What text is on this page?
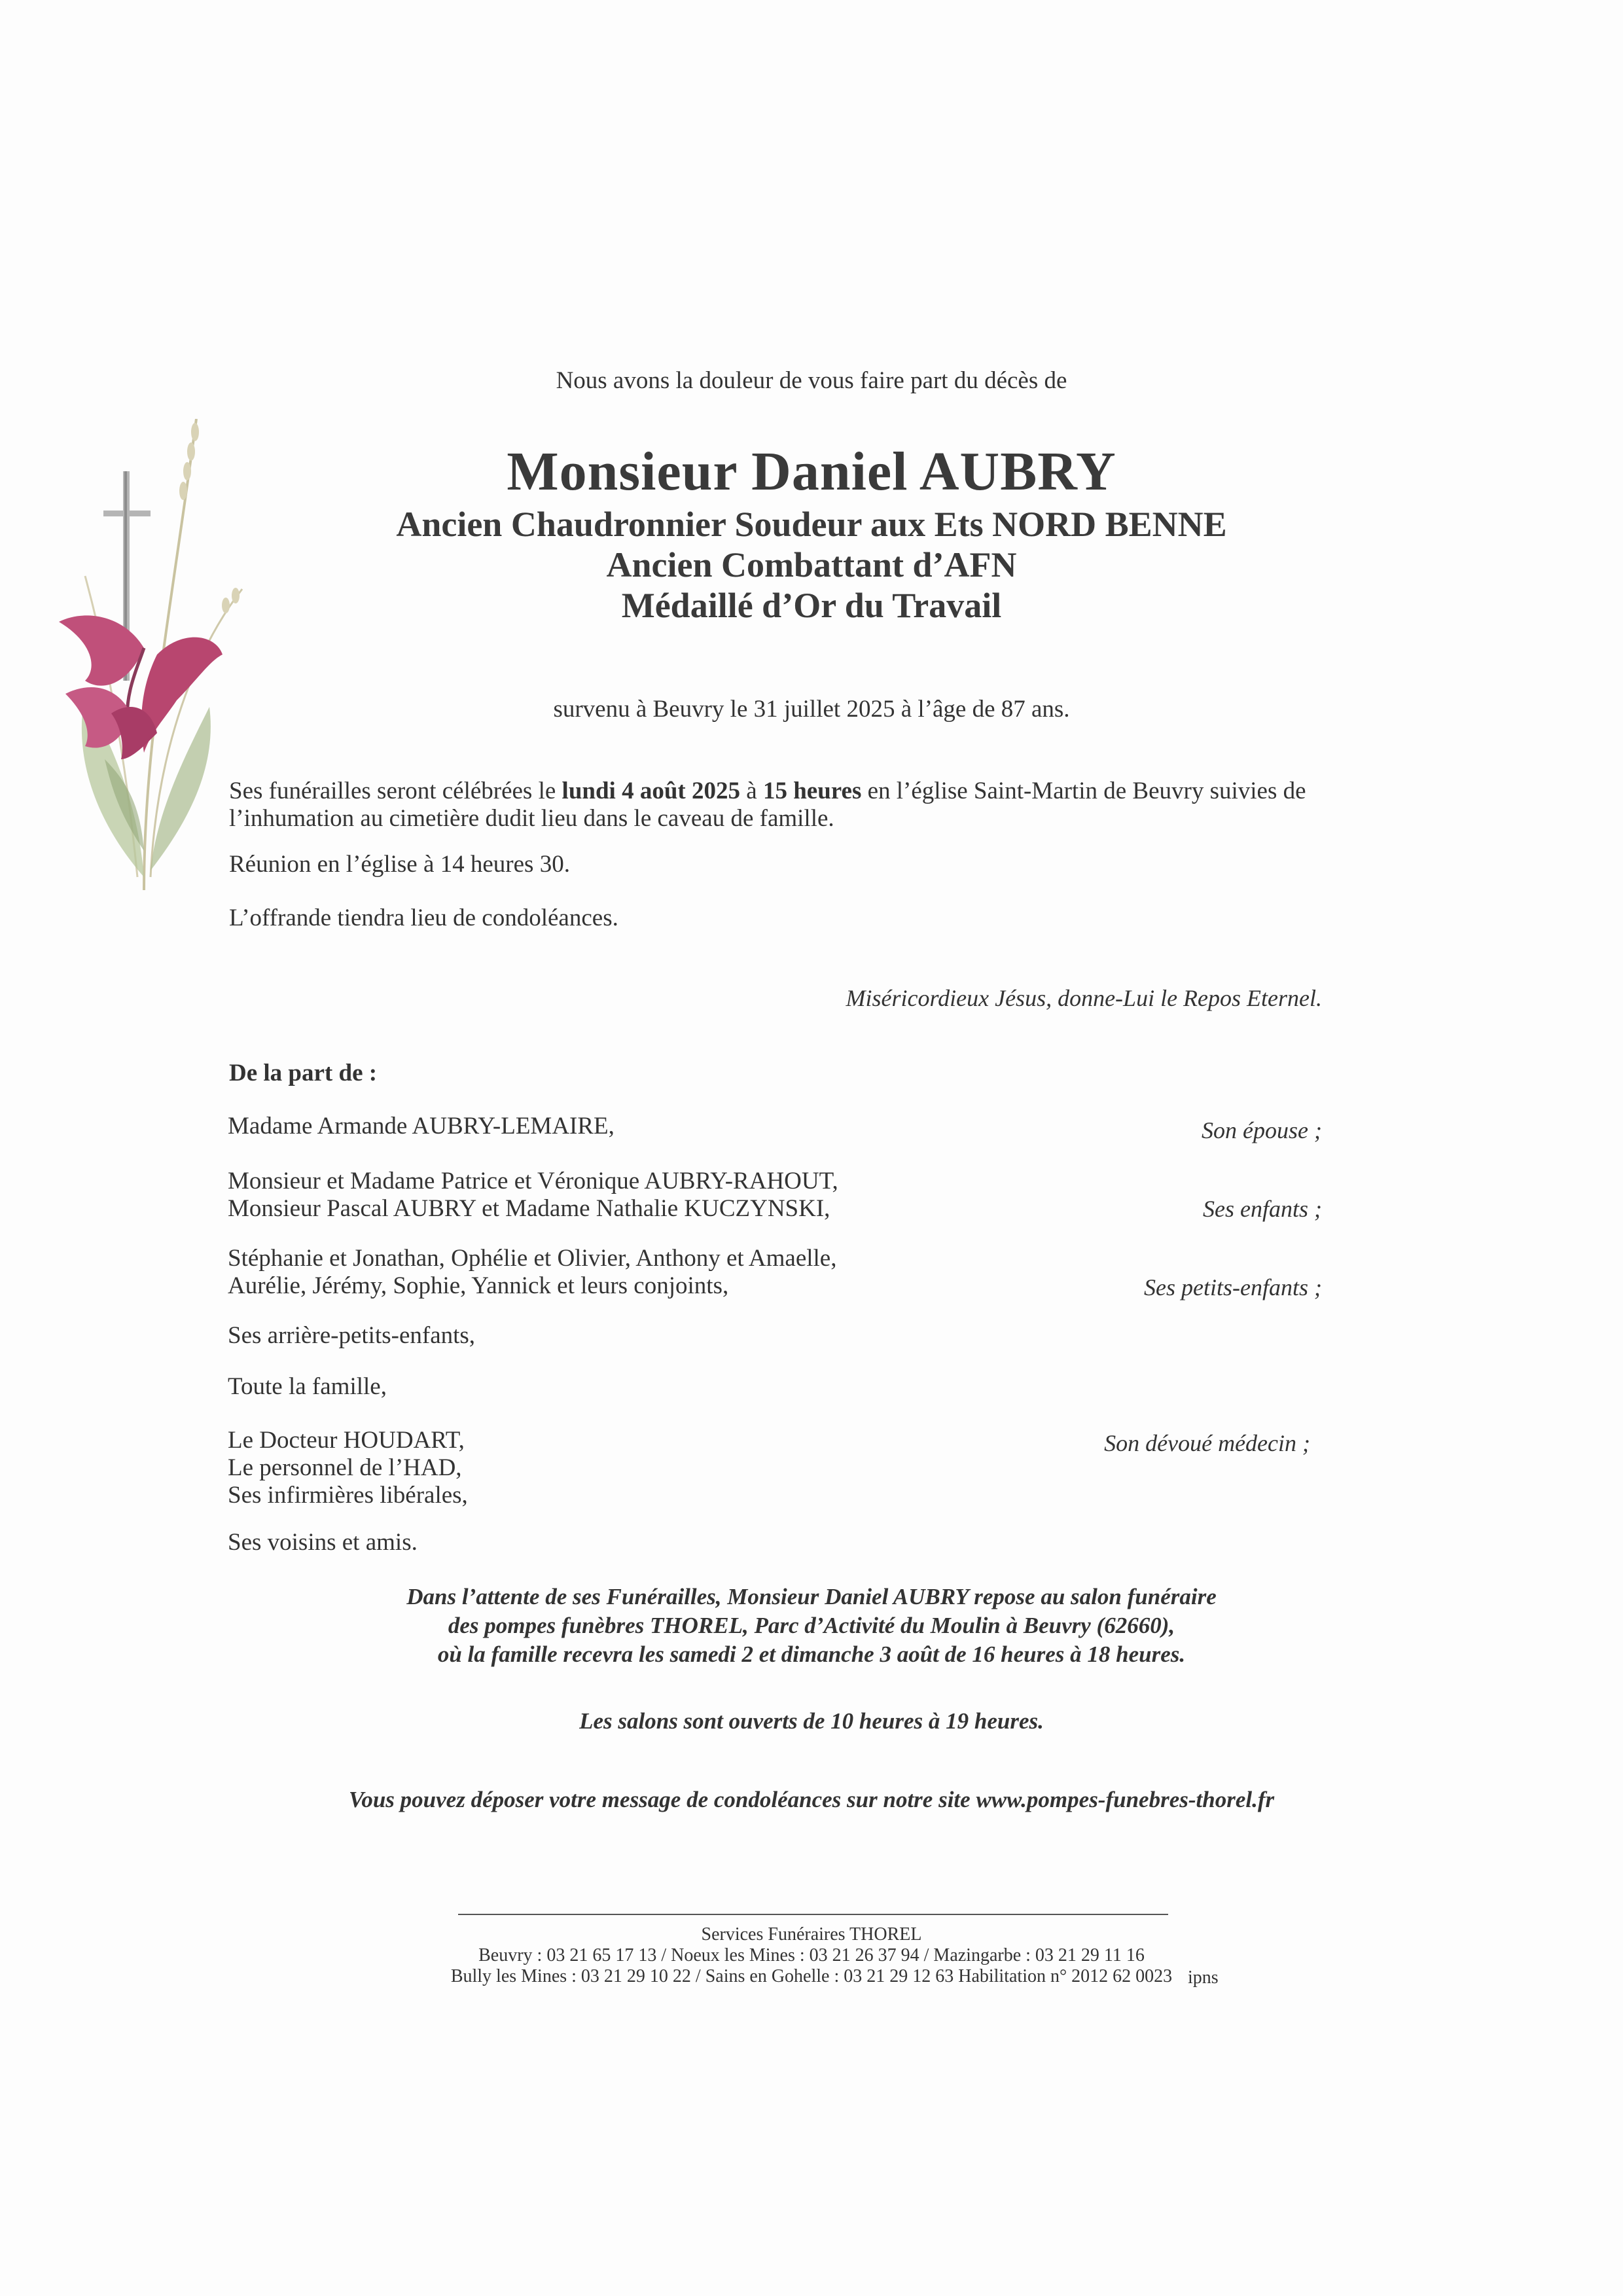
Nous avons la douleur de vous faire part du décès de
Monsieur Daniel AUBRY
Ancien Chaudronnier Soudeur aux Ets NORD BENNE
Ancien Combattant d’AFN
Médaillé d’Or du Travail
survenu à Beuvry le 31 juillet 2025 à l’âge de 87 ans.
Ses funérailles seront célébrées le lundi 4 août 2025 à 15 heures en l’église Saint-Martin de Beuvry suivies de
l’inhumation au cimetière dudit lieu dans le caveau de famille.
Réunion en l’église à 14 heures 30.
L’offrande tiendra lieu de condoléances.
Miséricordieux Jésus, donne-Lui le Repos Eternel.
De la part de :
Madame Armande AUBRY-LEMAIRE,	Son épouse ;
Monsieur et Madame Patrice et Véronique AUBRY-RAHOUT,
Monsieur Pascal AUBRY et Madame Nathalie KUCZYNSKI,	Ses enfants ;
Stéphanie et Jonathan, Ophélie et Olivier, Anthony et Amaelle,
Aurélie, Jérémy, Sophie, Yannick et leurs conjoints,	Ses petits-enfants ;
Ses arrière-petits-enfants,
Toute la famille,
Le Docteur HOUDART,
Le personnel de l’HAD,
Ses infirmières libérales,
Son dévoué médecin ;
Ses voisins et amis.
Dans l’attente de ses Funérailles, Monsieur Daniel AUBRY repose au salon funéraire
des pompes funèbres THOREL, Parc d’Activité du Moulin à Beuvry (62660),
où la famille recevra les samedi 2 et dimanche 3 août de 16 heures à 18 heures.
Les salons sont ouverts de 10 heures à 19 heures.
Vous pouvez déposer votre message de condoléances sur notre site www.pompes-funebres-thorel.fr
Services Funéraires THOREL
Beuvry : 03 21 65 17 13 / Noeux les Mines : 03 21 26 37 94 / Mazingarbe : 03 21 29 11 16
Bully les Mines : 03 21 29 10 22 / Sains en Gohelle : 03 21 29 12 63 Habilitation n° 2012 62 0023 ipns
